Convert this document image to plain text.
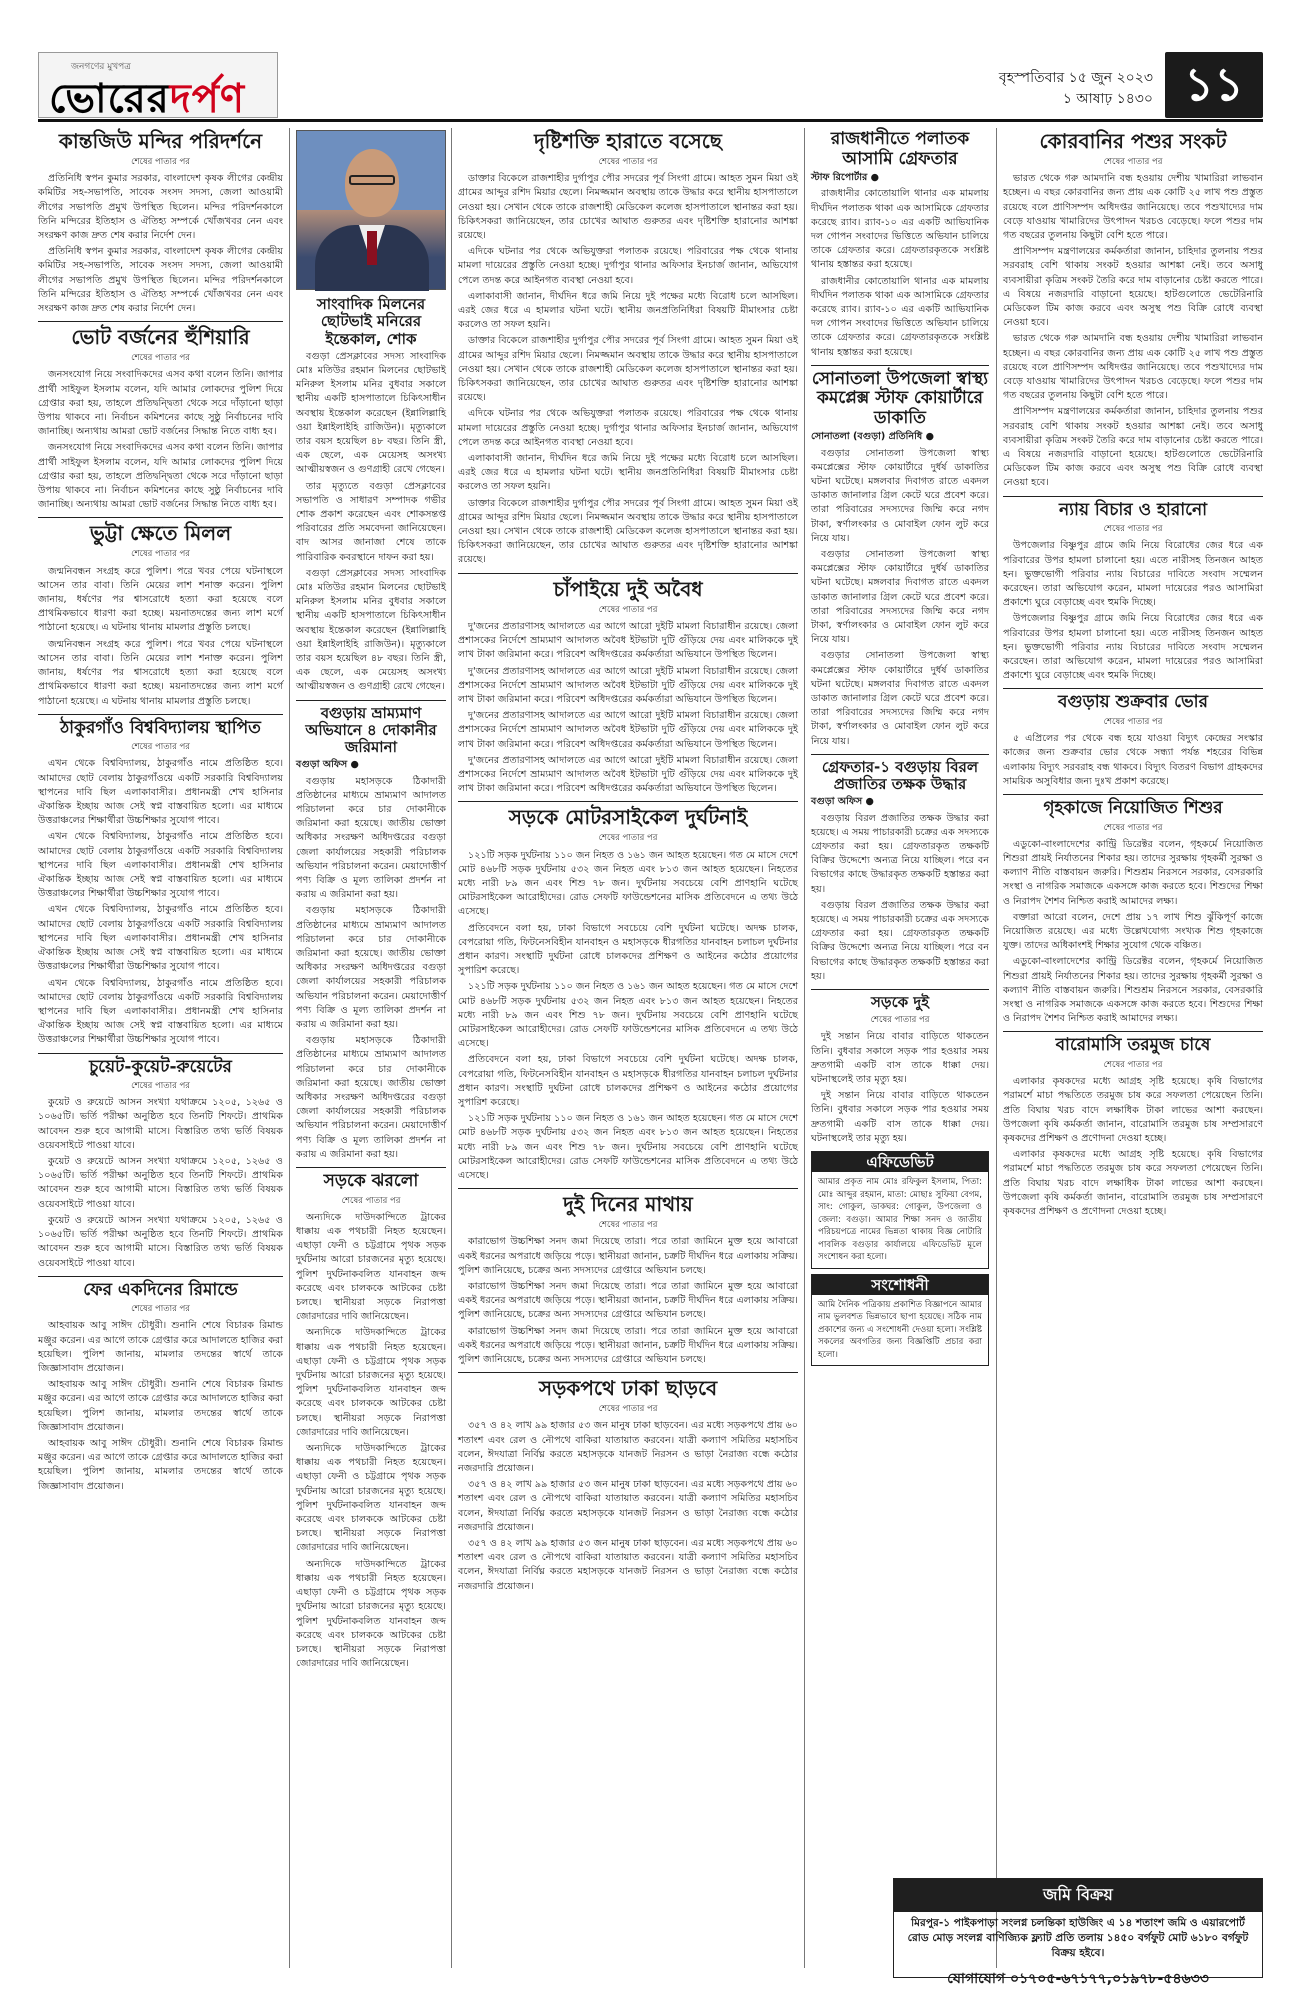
জনগণের মুখপত্র
ভোরেরদর্পণ	বৃহস্পতিবার ১৫ জুন ২০২৩
১ আষাঢ় ১৪৩০ ১১
কান্তজিউ মন্দির পরিদর্শনে
শেষের পাতার পর

প্রতিনিধি স্বপন কুমার সরকার, বাংলাদেশ কৃষক লীগের কেন্দ্রীয় কমিটির সহ-সভাপতি, সাবেক সংসদ সদস্য, জেলা আওয়ামী লীগের সভাপতি প্রমুখ উপস্থিত ছিলেন। মন্দির পরিদর্শনকালে তিনি মন্দিরের ইতিহাস ও ঐতিহ্য সম্পর্কে খোঁজখবর নেন এবং সংরক্ষণ কাজ দ্রুত শেষ করার নির্দেশ দেন।

প্রতিনিধি স্বপন কুমার সরকার, বাংলাদেশ কৃষক লীগের কেন্দ্রীয় কমিটির সহ-সভাপতি, সাবেক সংসদ সদস্য, জেলা আওয়ামী লীগের সভাপতি প্রমুখ উপস্থিত ছিলেন। মন্দির পরিদর্শনকালে তিনি মন্দিরের ইতিহাস ও ঐতিহ্য সম্পর্কে খোঁজখবর নেন এবং সংরক্ষণ কাজ দ্রুত শেষ করার নির্দেশ দেন।

ভোট বর্জনের হুঁশিয়ারি
শেষের পাতার পর

জনসংযোগ নিয়ে সংবাদিকদের এসব কথা বলেন তিনি। জাপার প্রার্থী সাইফুল ইসলাম বলেন, যদি আমার লোকদের পুলিশ দিয়ে গ্রেপ্তার করা হয়, তাহলে প্রতিদ্বন্দ্বিতা থেকে সরে দাঁড়ানো ছাড়া উপায় থাকবে না। নির্বাচন কমিশনের কাছে সুষ্ঠু নির্বাচনের দাবি জানাচ্ছি। অন্যথায় আমরা ভোট বর্জনের সিদ্ধান্ত নিতে বাধ্য হব।

জনসংযোগ নিয়ে সংবাদিকদের এসব কথা বলেন তিনি। জাপার প্রার্থী সাইফুল ইসলাম বলেন, যদি আমার লোকদের পুলিশ দিয়ে গ্রেপ্তার করা হয়, তাহলে প্রতিদ্বন্দ্বিতা থেকে সরে দাঁড়ানো ছাড়া উপায় থাকবে না। নির্বাচন কমিশনের কাছে সুষ্ঠু নির্বাচনের দাবি জানাচ্ছি। অন্যথায় আমরা ভোট বর্জনের সিদ্ধান্ত নিতে বাধ্য হব।

ভুট্টা ক্ষেতে মিলল
শেষের পাতার পর

জন্মনিবন্ধন সংগ্রহ করে পুলিশ। পরে খবর পেয়ে ঘটনাস্থলে আসেন তার বাবা। তিনি মেয়ের লাশ শনাক্ত করেন। পুলিশ জানায়, ধর্ষণের পর শ্বাসরোধে হত্যা করা হয়েছে বলে প্রাথমিকভাবে ধারণা করা হচ্ছে। ময়নাতদন্তের জন্য লাশ মর্গে পাঠানো হয়েছে। এ ঘটনায় থানায় মামলার প্রস্তুতি চলছে।

জন্মনিবন্ধন সংগ্রহ করে পুলিশ। পরে খবর পেয়ে ঘটনাস্থলে আসেন তার বাবা। তিনি মেয়ের লাশ শনাক্ত করেন। পুলিশ জানায়, ধর্ষণের পর শ্বাসরোধে হত্যা করা হয়েছে বলে প্রাথমিকভাবে ধারণা করা হচ্ছে। ময়নাতদন্তের জন্য লাশ মর্গে পাঠানো হয়েছে। এ ঘটনায় থানায় মামলার প্রস্তুতি চলছে।

ঠাকুরগাঁও বিশ্ববিদ্যালয় স্থাপিত
শেষের পাতার পর

এখন থেকে বিশ্ববিদ্যালয়, ঠাকুরগাঁও নামে প্রতিষ্ঠিত হবে। আমাদের ছোট বেলায় ঠাকুরগাঁওয়ে একটি সরকারি বিশ্ববিদ্যালয় স্থাপনের দাবি ছিল এলাকাবাসীর। প্রধানমন্ত্রী শেখ হাসিনার ঐকান্তিক ইচ্ছায় আজ সেই স্বপ্ন বাস্তবায়িত হলো। এর মাধ্যমে উত্তরাঞ্চলের শিক্ষার্থীরা উচ্চশিক্ষার সুযোগ পাবে।

এখন থেকে বিশ্ববিদ্যালয়, ঠাকুরগাঁও নামে প্রতিষ্ঠিত হবে। আমাদের ছোট বেলায় ঠাকুরগাঁওয়ে একটি সরকারি বিশ্ববিদ্যালয় স্থাপনের দাবি ছিল এলাকাবাসীর। প্রধানমন্ত্রী শেখ হাসিনার ঐকান্তিক ইচ্ছায় আজ সেই স্বপ্ন বাস্তবায়িত হলো। এর মাধ্যমে উত্তরাঞ্চলের শিক্ষার্থীরা উচ্চশিক্ষার সুযোগ পাবে।

এখন থেকে বিশ্ববিদ্যালয়, ঠাকুরগাঁও নামে প্রতিষ্ঠিত হবে। আমাদের ছোট বেলায় ঠাকুরগাঁওয়ে একটি সরকারি বিশ্ববিদ্যালয় স্থাপনের দাবি ছিল এলাকাবাসীর। প্রধানমন্ত্রী শেখ হাসিনার ঐকান্তিক ইচ্ছায় আজ সেই স্বপ্ন বাস্তবায়িত হলো। এর মাধ্যমে উত্তরাঞ্চলের শিক্ষার্থীরা উচ্চশিক্ষার সুযোগ পাবে।

এখন থেকে বিশ্ববিদ্যালয়, ঠাকুরগাঁও নামে প্রতিষ্ঠিত হবে। আমাদের ছোট বেলায় ঠাকুরগাঁওয়ে একটি সরকারি বিশ্ববিদ্যালয় স্থাপনের দাবি ছিল এলাকাবাসীর। প্রধানমন্ত্রী শেখ হাসিনার ঐকান্তিক ইচ্ছায় আজ সেই স্বপ্ন বাস্তবায়িত হলো। এর মাধ্যমে উত্তরাঞ্চলের শিক্ষার্থীরা উচ্চশিক্ষার সুযোগ পাবে।

চুয়েট-কুয়েট-রুয়েটের
শেষের পাতার পর

কুয়েট ও রুয়েটে আসন সংখ্যা যথাক্রমে ১২০৫, ১২৬৫ ও ১০৬৫টি। ভর্তি পরীক্ষা অনুষ্ঠিত হবে তিনটি শিফটে। প্রাথমিক আবেদন শুরু হবে আগামী মাসে। বিস্তারিত তথ্য ভর্তি বিষয়ক ওয়েবসাইটে পাওয়া যাবে।

কুয়েট ও রুয়েটে আসন সংখ্যা যথাক্রমে ১২০৫, ১২৬৫ ও ১০৬৫টি। ভর্তি পরীক্ষা অনুষ্ঠিত হবে তিনটি শিফটে। প্রাথমিক আবেদন শুরু হবে আগামী মাসে। বিস্তারিত তথ্য ভর্তি বিষয়ক ওয়েবসাইটে পাওয়া যাবে।

কুয়েট ও রুয়েটে আসন সংখ্যা যথাক্রমে ১২০৫, ১২৬৫ ও ১০৬৫টি। ভর্তি পরীক্ষা অনুষ্ঠিত হবে তিনটি শিফটে। প্রাথমিক আবেদন শুরু হবে আগামী মাসে। বিস্তারিত তথ্য ভর্তি বিষয়ক ওয়েবসাইটে পাওয়া যাবে।

ফের একদিনের রিমান্ডে
শেষের পাতার পর

আহবায়ক আবু সাঈদ চৌধুরী। শুনানি শেষে বিচারক রিমান্ড মঞ্জুর করেন। এর আগে তাকে গ্রেপ্তার করে আদালতে হাজির করা হয়েছিল। পুলিশ জানায়, মামলার তদন্তের স্বার্থে তাকে জিজ্ঞাসাবাদ প্রয়োজন।

আহবায়ক আবু সাঈদ চৌধুরী। শুনানি শেষে বিচারক রিমান্ড মঞ্জুর করেন। এর আগে তাকে গ্রেপ্তার করে আদালতে হাজির করা হয়েছিল। পুলিশ জানায়, মামলার তদন্তের স্বার্থে তাকে জিজ্ঞাসাবাদ প্রয়োজন।

আহবায়ক আবু সাঈদ চৌধুরী। শুনানি শেষে বিচারক রিমান্ড মঞ্জুর করেন। এর আগে তাকে গ্রেপ্তার করে আদালতে হাজির করা হয়েছিল। পুলিশ জানায়, মামলার তদন্তের স্বার্থে তাকে জিজ্ঞাসাবাদ প্রয়োজন।

সাংবাদিক মিলনের ছোটভাই মনিরের ইন্তেকাল, শোক

বগুড়া প্রেসক্লাবের সদস্য সাংবাদিক মোঃ মতিউর রহমান মিলনের ছোটভাই মনিরুল ইসলাম মনির বুধবার সকালে স্থানীয় একটি হাসপাতালে চিকিৎসাধীন অবস্থায় ইন্তেকাল করেছেন (ইন্নালিল্লাহি ওয়া ইন্নাইলাইহি রাজিউন)। মৃত্যুকালে তার বয়স হয়েছিল ৪৮ বছর। তিনি স্ত্রী, এক ছেলে, এক মেয়েসহ অসংখ্য আত্মীয়স্বজন ও গুণগ্রাহী রেখে গেছেন।

তার মৃত্যুতে বগুড়া প্রেসক্লাবের সভাপতি ও সাধারণ সম্পাদক গভীর শোক প্রকাশ করেছেন এবং শোকসন্তপ্ত পরিবারের প্রতি সমবেদনা জানিয়েছেন। বাদ আসর জানাজা শেষে তাকে পারিবারিক কবরস্থানে দাফন করা হয়।

বগুড়া প্রেসক্লাবের সদস্য সাংবাদিক মোঃ মতিউর রহমান মিলনের ছোটভাই মনিরুল ইসলাম মনির বুধবার সকালে স্থানীয় একটি হাসপাতালে চিকিৎসাধীন অবস্থায় ইন্তেকাল করেছেন (ইন্নালিল্লাহি ওয়া ইন্নাইলাইহি রাজিউন)। মৃত্যুকালে তার বয়স হয়েছিল ৪৮ বছর। তিনি স্ত্রী, এক ছেলে, এক মেয়েসহ অসংখ্য আত্মীয়স্বজন ও গুণগ্রাহী রেখে গেছেন।

বগুড়ায় ভ্রাম্যমাণ অভিযানে ৪ দোকানীর জরিমানা
বগুড়া অফিস ●

বগুড়ায় মহাসড়কে ঠিকাদারী প্রতিষ্ঠানের মাধ্যমে ভ্রাম্যমাণ আদালত পরিচালনা করে চার দোকানীকে জরিমানা করা হয়েছে। জাতীয় ভোক্তা অধিকার সংরক্ষণ অধিদপ্তরের বগুড়া জেলা কার্যালয়ের সহকারী পরিচালক অভিযান পরিচালনা করেন। মেয়াদোত্তীর্ণ পণ্য বিক্রি ও মূল্য তালিকা প্রদর্শন না করায় এ জরিমানা করা হয়।

বগুড়ায় মহাসড়কে ঠিকাদারী প্রতিষ্ঠানের মাধ্যমে ভ্রাম্যমাণ আদালত পরিচালনা করে চার দোকানীকে জরিমানা করা হয়েছে। জাতীয় ভোক্তা অধিকার সংরক্ষণ অধিদপ্তরের বগুড়া জেলা কার্যালয়ের সহকারী পরিচালক অভিযান পরিচালনা করেন। মেয়াদোত্তীর্ণ পণ্য বিক্রি ও মূল্য তালিকা প্রদর্শন না করায় এ জরিমানা করা হয়।

বগুড়ায় মহাসড়কে ঠিকাদারী প্রতিষ্ঠানের মাধ্যমে ভ্রাম্যমাণ আদালত পরিচালনা করে চার দোকানীকে জরিমানা করা হয়েছে। জাতীয় ভোক্তা অধিকার সংরক্ষণ অধিদপ্তরের বগুড়া জেলা কার্যালয়ের সহকারী পরিচালক অভিযান পরিচালনা করেন। মেয়াদোত্তীর্ণ পণ্য বিক্রি ও মূল্য তালিকা প্রদর্শন না করায় এ জরিমানা করা হয়।

সড়কে ঝরলো
শেষের পাতার পর

অন্যদিকে দাউদকান্দিতে ট্রাকের ধাক্কায় এক পথচারী নিহত হয়েছেন। এছাড়া ফেনী ও চট্টগ্রামে পৃথক সড়ক দুর্ঘটনায় আরো চারজনের মৃত্যু হয়েছে। পুলিশ দুর্ঘটনাকবলিত যানবাহন জব্দ করেছে এবং চালককে আটকের চেষ্টা চলছে। স্থানীয়রা সড়কে নিরাপত্তা জোরদারের দাবি জানিয়েছেন।

অন্যদিকে দাউদকান্দিতে ট্রাকের ধাক্কায় এক পথচারী নিহত হয়েছেন। এছাড়া ফেনী ও চট্টগ্রামে পৃথক সড়ক দুর্ঘটনায় আরো চারজনের মৃত্যু হয়েছে। পুলিশ দুর্ঘটনাকবলিত যানবাহন জব্দ করেছে এবং চালককে আটকের চেষ্টা চলছে। স্থানীয়রা সড়কে নিরাপত্তা জোরদারের দাবি জানিয়েছেন।

অন্যদিকে দাউদকান্দিতে ট্রাকের ধাক্কায় এক পথচারী নিহত হয়েছেন। এছাড়া ফেনী ও চট্টগ্রামে পৃথক সড়ক দুর্ঘটনায় আরো চারজনের মৃত্যু হয়েছে। পুলিশ দুর্ঘটনাকবলিত যানবাহন জব্দ করেছে এবং চালককে আটকের চেষ্টা চলছে। স্থানীয়রা সড়কে নিরাপত্তা জোরদারের দাবি জানিয়েছেন।

অন্যদিকে দাউদকান্দিতে ট্রাকের ধাক্কায় এক পথচারী নিহত হয়েছেন। এছাড়া ফেনী ও চট্টগ্রামে পৃথক সড়ক দুর্ঘটনায় আরো চারজনের মৃত্যু হয়েছে। পুলিশ দুর্ঘটনাকবলিত যানবাহন জব্দ করেছে এবং চালককে আটকের চেষ্টা চলছে। স্থানীয়রা সড়কে নিরাপত্তা জোরদারের দাবি জানিয়েছেন।

দৃষ্টিশক্তি হারাতে বসেছে
শেষের পাতার পর

ডাক্তার বিকেলে রাজশাহীর দুর্গাপুর পৌর সদরের পূর্ব সিংগা গ্রামে। আহত সুমন মিয়া ওই গ্রামের আব্দুর রশিদ মিয়ার ছেলে। নিমজ্জমান অবস্থায় তাকে উদ্ধার করে স্থানীয় হাসপাতালে নেওয়া হয়। সেখান থেকে তাকে রাজশাহী মেডিকেল কলেজ হাসপাতালে স্থানান্তর করা হয়। চিকিৎসকরা জানিয়েছেন, তার চোখের আঘাত গুরুতর এবং দৃষ্টিশক্তি হারানোর আশঙ্কা রয়েছে।

এদিকে ঘটনার পর থেকে অভিযুক্তরা পলাতক রয়েছে। পরিবারের পক্ষ থেকে থানায় মামলা দায়েরের প্রস্তুতি নেওয়া হচ্ছে। দুর্গাপুর থানার অফিসার ইনচার্জ জানান, অভিযোগ পেলে তদন্ত করে আইনগত ব্যবস্থা নেওয়া হবে।

এলাকাবাসী জানান, দীর্ঘদিন ধরে জমি নিয়ে দুই পক্ষের মধ্যে বিরোধ চলে আসছিল। এরই জের ধরে এ হামলার ঘটনা ঘটে। স্থানীয় জনপ্রতিনিধিরা বিষয়টি মীমাংসার চেষ্টা করলেও তা সফল হয়নি।

ডাক্তার বিকেলে রাজশাহীর দুর্গাপুর পৌর সদরের পূর্ব সিংগা গ্রামে। আহত সুমন মিয়া ওই গ্রামের আব্দুর রশিদ মিয়ার ছেলে। নিমজ্জমান অবস্থায় তাকে উদ্ধার করে স্থানীয় হাসপাতালে নেওয়া হয়। সেখান থেকে তাকে রাজশাহী মেডিকেল কলেজ হাসপাতালে স্থানান্তর করা হয়। চিকিৎসকরা জানিয়েছেন, তার চোখের আঘাত গুরুতর এবং দৃষ্টিশক্তি হারানোর আশঙ্কা রয়েছে।

এদিকে ঘটনার পর থেকে অভিযুক্তরা পলাতক রয়েছে। পরিবারের পক্ষ থেকে থানায় মামলা দায়েরের প্রস্তুতি নেওয়া হচ্ছে। দুর্গাপুর থানার অফিসার ইনচার্জ জানান, অভিযোগ পেলে তদন্ত করে আইনগত ব্যবস্থা নেওয়া হবে।

এলাকাবাসী জানান, দীর্ঘদিন ধরে জমি নিয়ে দুই পক্ষের মধ্যে বিরোধ চলে আসছিল। এরই জের ধরে এ হামলার ঘটনা ঘটে। স্থানীয় জনপ্রতিনিধিরা বিষয়টি মীমাংসার চেষ্টা করলেও তা সফল হয়নি।

ডাক্তার বিকেলে রাজশাহীর দুর্গাপুর পৌর সদরের পূর্ব সিংগা গ্রামে। আহত সুমন মিয়া ওই গ্রামের আব্দুর রশিদ মিয়ার ছেলে। নিমজ্জমান অবস্থায় তাকে উদ্ধার করে স্থানীয় হাসপাতালে নেওয়া হয়। সেখান থেকে তাকে রাজশাহী মেডিকেল কলেজ হাসপাতালে স্থানান্তর করা হয়। চিকিৎসকরা জানিয়েছেন, তার চোখের আঘাত গুরুতর এবং দৃষ্টিশক্তি হারানোর আশঙ্কা রয়েছে।

চাঁপাইয়ে দুই অবৈধ
শেষের পাতার পর

দু'জনের প্রতারণাসহ আদালতে এর আগে আরো দুইটি মামলা বিচারাধীন রয়েছে। জেলা প্রশাসকের নির্দেশে ভ্রাম্যমাণ আদালত অবৈধ ইটভাটা দুটি গুঁড়িয়ে দেয় এবং মালিককে দুই লাখ টাকা জরিমানা করে। পরিবেশ অধিদপ্তরের কর্মকর্তারা অভিযানে উপস্থিত ছিলেন।

দু'জনের প্রতারণাসহ আদালতে এর আগে আরো দুইটি মামলা বিচারাধীন রয়েছে। জেলা প্রশাসকের নির্দেশে ভ্রাম্যমাণ আদালত অবৈধ ইটভাটা দুটি গুঁড়িয়ে দেয় এবং মালিককে দুই লাখ টাকা জরিমানা করে। পরিবেশ অধিদপ্তরের কর্মকর্তারা অভিযানে উপস্থিত ছিলেন।

দু'জনের প্রতারণাসহ আদালতে এর আগে আরো দুইটি মামলা বিচারাধীন রয়েছে। জেলা প্রশাসকের নির্দেশে ভ্রাম্যমাণ আদালত অবৈধ ইটভাটা দুটি গুঁড়িয়ে দেয় এবং মালিককে দুই লাখ টাকা জরিমানা করে। পরিবেশ অধিদপ্তরের কর্মকর্তারা অভিযানে উপস্থিত ছিলেন।

দু'জনের প্রতারণাসহ আদালতে এর আগে আরো দুইটি মামলা বিচারাধীন রয়েছে। জেলা প্রশাসকের নির্দেশে ভ্রাম্যমাণ আদালত অবৈধ ইটভাটা দুটি গুঁড়িয়ে দেয় এবং মালিককে দুই লাখ টাকা জরিমানা করে। পরিবেশ অধিদপ্তরের কর্মকর্তারা অভিযানে উপস্থিত ছিলেন।

সড়কে মোটরসাইকেল দুর্ঘটনাই
শেষের পাতার পর

১২১টি সড়ক দুর্ঘটনায় ১১০ জন নিহত ও ১৬১ জন আহত হয়েছেন। গত মে মাসে দেশে মোট ৪৬৮টি সড়ক দুর্ঘটনায় ৫৩২ জন নিহত এবং ৮১৩ জন আহত হয়েছেন। নিহতের মধ্যে নারী ৮৯ জন এবং শিশু ৭৮ জন। দুর্ঘটনায় সবচেয়ে বেশি প্রাণহানি ঘটেছে মোটরসাইকেল আরোহীদের। রোড সেফটি ফাউন্ডেশনের মাসিক প্রতিবেদনে এ তথ্য উঠে এসেছে।

প্রতিবেদনে বলা হয়, ঢাকা বিভাগে সবচেয়ে বেশি দুর্ঘটনা ঘটেছে। অদক্ষ চালক, বেপরোয়া গতি, ফিটনেসবিহীন যানবাহন ও মহাসড়কে ধীরগতির যানবাহন চলাচল দুর্ঘটনার প্রধান কারণ। সংস্থাটি দুর্ঘটনা রোধে চালকদের প্রশিক্ষণ ও আইনের কঠোর প্রয়োগের সুপারিশ করেছে।

১২১টি সড়ক দুর্ঘটনায় ১১০ জন নিহত ও ১৬১ জন আহত হয়েছেন। গত মে মাসে দেশে মোট ৪৬৮টি সড়ক দুর্ঘটনায় ৫৩২ জন নিহত এবং ৮১৩ জন আহত হয়েছেন। নিহতের মধ্যে নারী ৮৯ জন এবং শিশু ৭৮ জন। দুর্ঘটনায় সবচেয়ে বেশি প্রাণহানি ঘটেছে মোটরসাইকেল আরোহীদের। রোড সেফটি ফাউন্ডেশনের মাসিক প্রতিবেদনে এ তথ্য উঠে এসেছে।

প্রতিবেদনে বলা হয়, ঢাকা বিভাগে সবচেয়ে বেশি দুর্ঘটনা ঘটেছে। অদক্ষ চালক, বেপরোয়া গতি, ফিটনেসবিহীন যানবাহন ও মহাসড়কে ধীরগতির যানবাহন চলাচল দুর্ঘটনার প্রধান কারণ। সংস্থাটি দুর্ঘটনা রোধে চালকদের প্রশিক্ষণ ও আইনের কঠোর প্রয়োগের সুপারিশ করেছে।

১২১টি সড়ক দুর্ঘটনায় ১১০ জন নিহত ও ১৬১ জন আহত হয়েছেন। গত মে মাসে দেশে মোট ৪৬৮টি সড়ক দুর্ঘটনায় ৫৩২ জন নিহত এবং ৮১৩ জন আহত হয়েছেন। নিহতের মধ্যে নারী ৮৯ জন এবং শিশু ৭৮ জন। দুর্ঘটনায় সবচেয়ে বেশি প্রাণহানি ঘটেছে মোটরসাইকেল আরোহীদের। রোড সেফটি ফাউন্ডেশনের মাসিক প্রতিবেদনে এ তথ্য উঠে এসেছে।

দুই দিনের মাথায়
শেষের পাতার পর

কারাভোগ উচ্চশিক্ষা সনদ জমা দিয়েছে তারা। পরে তারা জামিনে মুক্ত হয়ে আবারো একই ধরনের অপরাধে জড়িয়ে পড়ে। স্থানীয়রা জানান, চক্রটি দীর্ঘদিন ধরে এলাকায় সক্রিয়। পুলিশ জানিয়েছে, চক্রের অন্য সদস্যদের গ্রেপ্তারে অভিযান চলছে।

কারাভোগ উচ্চশিক্ষা সনদ জমা দিয়েছে তারা। পরে তারা জামিনে মুক্ত হয়ে আবারো একই ধরনের অপরাধে জড়িয়ে পড়ে। স্থানীয়রা জানান, চক্রটি দীর্ঘদিন ধরে এলাকায় সক্রিয়। পুলিশ জানিয়েছে, চক্রের অন্য সদস্যদের গ্রেপ্তারে অভিযান চলছে।

কারাভোগ উচ্চশিক্ষা সনদ জমা দিয়েছে তারা। পরে তারা জামিনে মুক্ত হয়ে আবারো একই ধরনের অপরাধে জড়িয়ে পড়ে। স্থানীয়রা জানান, চক্রটি দীর্ঘদিন ধরে এলাকায় সক্রিয়। পুলিশ জানিয়েছে, চক্রের অন্য সদস্যদের গ্রেপ্তারে অভিযান চলছে।

সড়কপথে ঢাকা ছাড়বে
শেষের পাতার পর

৩৫৭ ও ৪২ লাখ ৯৯ হাজার ৫৩ জন মানুষ ঢাকা ছাড়বেন। এর মধ্যে সড়কপথে প্রায় ৬০ শতাংশ এবং রেল ও নৌপথে বাকিরা যাতায়াত করবেন। যাত্রী কল্যাণ সমিতির মহাসচিব বলেন, ঈদযাত্রা নির্বিঘ্ন করতে মহাসড়কে যানজট নিরসন ও ভাড়া নৈরাজ্য বন্ধে কঠোর নজরদারি প্রয়োজন।

৩৫৭ ও ৪২ লাখ ৯৯ হাজার ৫৩ জন মানুষ ঢাকা ছাড়বেন। এর মধ্যে সড়কপথে প্রায় ৬০ শতাংশ এবং রেল ও নৌপথে বাকিরা যাতায়াত করবেন। যাত্রী কল্যাণ সমিতির মহাসচিব বলেন, ঈদযাত্রা নির্বিঘ্ন করতে মহাসড়কে যানজট নিরসন ও ভাড়া নৈরাজ্য বন্ধে কঠোর নজরদারি প্রয়োজন।

৩৫৭ ও ৪২ লাখ ৯৯ হাজার ৫৩ জন মানুষ ঢাকা ছাড়বেন। এর মধ্যে সড়কপথে প্রায় ৬০ শতাংশ এবং রেল ও নৌপথে বাকিরা যাতায়াত করবেন। যাত্রী কল্যাণ সমিতির মহাসচিব বলেন, ঈদযাত্রা নির্বিঘ্ন করতে মহাসড়কে যানজট নিরসন ও ভাড়া নৈরাজ্য বন্ধে কঠোর নজরদারি প্রয়োজন।

রাজধানীতে পলাতক আসামি গ্রেফতার
স্টাফ রিপোর্টার ●

রাজধানীর কোতোয়ালি থানার এক মামলায় দীর্ঘদিন পলাতক থাকা এক আসামিকে গ্রেফতার করেছে র‌্যাব। র‌্যাব-১০ এর একটি আভিযানিক দল গোপন সংবাদের ভিত্তিতে অভিযান চালিয়ে তাকে গ্রেফতার করে। গ্রেফতারকৃতকে সংশ্লিষ্ট থানায় হস্তান্তর করা হয়েছে।

রাজধানীর কোতোয়ালি থানার এক মামলায় দীর্ঘদিন পলাতক থাকা এক আসামিকে গ্রেফতার করেছে র‌্যাব। র‌্যাব-১০ এর একটি আভিযানিক দল গোপন সংবাদের ভিত্তিতে অভিযান চালিয়ে তাকে গ্রেফতার করে। গ্রেফতারকৃতকে সংশ্লিষ্ট থানায় হস্তান্তর করা হয়েছে।

সোনাতলা উপজেলা স্বাস্থ্য কমপ্লেক্স স্টাফ কোয়ার্টারে ডাকাতি
সোনাতলা (বগুড়া) প্রতিনিধি ●

বগুড়ার সোনাতলা উপজেলা স্বাস্থ্য কমপ্লেক্সের স্টাফ কোয়ার্টারে দুর্ধর্ষ ডাকাতির ঘটনা ঘটেছে। মঙ্গলবার দিবাগত রাতে একদল ডাকাত জানালার গ্রিল কেটে ঘরে প্রবেশ করে। তারা পরিবারের সদস্যদের জিম্মি করে নগদ টাকা, স্বর্ণালংকার ও মোবাইল ফোন লুট করে নিয়ে যায়।

বগুড়ার সোনাতলা উপজেলা স্বাস্থ্য কমপ্লেক্সের স্টাফ কোয়ার্টারে দুর্ধর্ষ ডাকাতির ঘটনা ঘটেছে। মঙ্গলবার দিবাগত রাতে একদল ডাকাত জানালার গ্রিল কেটে ঘরে প্রবেশ করে। তারা পরিবারের সদস্যদের জিম্মি করে নগদ টাকা, স্বর্ণালংকার ও মোবাইল ফোন লুট করে নিয়ে যায়।

বগুড়ার সোনাতলা উপজেলা স্বাস্থ্য কমপ্লেক্সের স্টাফ কোয়ার্টারে দুর্ধর্ষ ডাকাতির ঘটনা ঘটেছে। মঙ্গলবার দিবাগত রাতে একদল ডাকাত জানালার গ্রিল কেটে ঘরে প্রবেশ করে। তারা পরিবারের সদস্যদের জিম্মি করে নগদ টাকা, স্বর্ণালংকার ও মোবাইল ফোন লুট করে নিয়ে যায়।

গ্রেফতার-১ বগুড়ায় বিরল প্রজাতির তক্ষক উদ্ধার
বগুড়া অফিস ●

বগুড়ায় বিরল প্রজাতির তক্ষক উদ্ধার করা হয়েছে। এ সময় পাচারকারী চক্রের এক সদস্যকে গ্রেফতার করা হয়। গ্রেফতারকৃত তক্ষকটি বিক্রির উদ্দেশ্যে অন্যত্র নিয়ে যাচ্ছিল। পরে বন বিভাগের কাছে উদ্ধারকৃত তক্ষকটি হস্তান্তর করা হয়।

বগুড়ায় বিরল প্রজাতির তক্ষক উদ্ধার করা হয়েছে। এ সময় পাচারকারী চক্রের এক সদস্যকে গ্রেফতার করা হয়। গ্রেফতারকৃত তক্ষকটি বিক্রির উদ্দেশ্যে অন্যত্র নিয়ে যাচ্ছিল। পরে বন বিভাগের কাছে উদ্ধারকৃত তক্ষকটি হস্তান্তর করা হয়।

সড়কে দুই
শেষের পাতার পর

দুই সন্তান নিয়ে বাবার বাড়িতে থাকতেন তিনি। বুধবার সকালে সড়ক পার হওয়ার সময় দ্রুতগামী একটি বাস তাকে ধাক্কা দেয়। ঘটনাস্থলেই তার মৃত্যু হয়।

দুই সন্তান নিয়ে বাবার বাড়িতে থাকতেন তিনি। বুধবার সকালে সড়ক পার হওয়ার সময় দ্রুতগামী একটি বাস তাকে ধাক্কা দেয়। ঘটনাস্থলেই তার মৃত্যু হয়।

এফিডেভিট
আমার প্রকৃত নাম মোঃ রফিকুল ইসলাম, পিতা: মোঃ আব্দুর রহমান, মাতা: মোছাঃ সুফিয়া বেগম, সাং: গোকুল, ডাকঘর: গোকুল, উপজেলা ও জেলা: বগুড়া। আমার শিক্ষা সনদ ও জাতীয় পরিচয়পত্রে নামের ভিন্নতা থাকায় বিজ্ঞ নোটারি পাবলিক বগুড়ার কার্যালয়ে এফিডেভিট মূলে সংশোধন করা হলো।
সংশোধনী
আমি দৈনিক পত্রিকায় প্রকাশিত বিজ্ঞাপনে আমার নাম ভুলবশত ভিন্নভাবে ছাপা হয়েছে। সঠিক নাম প্রকাশের জন্য এ সংশোধনী দেওয়া হলো। সংশ্লিষ্ট সকলের অবগতির জন্য বিজ্ঞপ্তিটি প্রচার করা হলো।
কোরবানির পশুর সংকট
শেষের পাতার পর

ভারত থেকে গরু আমদানি বন্ধ হওয়ায় দেশীয় খামারিরা লাভবান হচ্ছেন। এ বছর কোরবানির জন্য প্রায় এক কোটি ২৫ লাখ পশু প্রস্তুত রয়েছে বলে প্রাণিসম্পদ অধিদপ্তর জানিয়েছে। তবে পশুখাদ্যের দাম বেড়ে যাওয়ায় খামারিদের উৎপাদন খরচও বেড়েছে। ফলে পশুর দাম গত বছরের তুলনায় কিছুটা বেশি হতে পারে।

প্রাণিসম্পদ মন্ত্রণালয়ের কর্মকর্তারা জানান, চাহিদার তুলনায় পশুর সরবরাহ বেশি থাকায় সংকট হওয়ার আশঙ্কা নেই। তবে অসাধু ব্যবসায়ীরা কৃত্রিম সংকট তৈরি করে দাম বাড়ানোর চেষ্টা করতে পারে। এ বিষয়ে নজরদারি বাড়ানো হয়েছে। হাটগুলোতে ভেটেরিনারি মেডিকেল টিম কাজ করবে এবং অসুস্থ পশু বিক্রি রোধে ব্যবস্থা নেওয়া হবে।

ভারত থেকে গরু আমদানি বন্ধ হওয়ায় দেশীয় খামারিরা লাভবান হচ্ছেন। এ বছর কোরবানির জন্য প্রায় এক কোটি ২৫ লাখ পশু প্রস্তুত রয়েছে বলে প্রাণিসম্পদ অধিদপ্তর জানিয়েছে। তবে পশুখাদ্যের দাম বেড়ে যাওয়ায় খামারিদের উৎপাদন খরচও বেড়েছে। ফলে পশুর দাম গত বছরের তুলনায় কিছুটা বেশি হতে পারে।

প্রাণিসম্পদ মন্ত্রণালয়ের কর্মকর্তারা জানান, চাহিদার তুলনায় পশুর সরবরাহ বেশি থাকায় সংকট হওয়ার আশঙ্কা নেই। তবে অসাধু ব্যবসায়ীরা কৃত্রিম সংকট তৈরি করে দাম বাড়ানোর চেষ্টা করতে পারে। এ বিষয়ে নজরদারি বাড়ানো হয়েছে। হাটগুলোতে ভেটেরিনারি মেডিকেল টিম কাজ করবে এবং অসুস্থ পশু বিক্রি রোধে ব্যবস্থা নেওয়া হবে।

ন্যায় বিচার ও হারানো
শেষের পাতার পর

উপজেলার বিষ্ণুপুর গ্রামে জমি নিয়ে বিরোধের জের ধরে এক পরিবারের উপর হামলা চালানো হয়। এতে নারীসহ তিনজন আহত হন। ভুক্তভোগী পরিবার ন্যায় বিচারের দাবিতে সংবাদ সম্মেলন করেছেন। তারা অভিযোগ করেন, মামলা দায়েরের পরও আসামিরা প্রকাশ্যে ঘুরে বেড়াচ্ছে এবং হুমকি দিচ্ছে।

উপজেলার বিষ্ণুপুর গ্রামে জমি নিয়ে বিরোধের জের ধরে এক পরিবারের উপর হামলা চালানো হয়। এতে নারীসহ তিনজন আহত হন। ভুক্তভোগী পরিবার ন্যায় বিচারের দাবিতে সংবাদ সম্মেলন করেছেন। তারা অভিযোগ করেন, মামলা দায়েরের পরও আসামিরা প্রকাশ্যে ঘুরে বেড়াচ্ছে এবং হুমকি দিচ্ছে।

বগুড়ায় শুক্রবার ভোর
শেষের পাতার পর

৫ এপ্রিলের পর থেকে বন্ধ হয়ে যাওয়া বিদ্যুৎ কেন্দ্রের সংস্কার কাজের জন্য শুক্রবার ভোর থেকে সন্ধ্যা পর্যন্ত শহরের বিভিন্ন এলাকায় বিদ্যুৎ সরবরাহ বন্ধ থাকবে। বিদ্যুৎ বিতরণ বিভাগ গ্রাহকদের সাময়িক অসুবিধার জন্য দুঃখ প্রকাশ করেছে।

গৃহকাজে নিয়োজিত শিশুর
শেষের পাতার পর

এডুকো-বাংলাদেশের কান্ট্রি ডিরেক্টর বলেন, গৃহকর্মে নিয়োজিত শিশুরা প্রায়ই নির্যাতনের শিকার হয়। তাদের সুরক্ষায় গৃহকর্মী সুরক্ষা ও কল্যাণ নীতি বাস্তবায়ন জরুরি। শিশুশ্রম নিরসনে সরকার, বেসরকারি সংস্থা ও নাগরিক সমাজকে একসঙ্গে কাজ করতে হবে। শিশুদের শিক্ষা ও নিরাপদ শৈশব নিশ্চিত করাই আমাদের লক্ষ্য।

বক্তারা আরো বলেন, দেশে প্রায় ১৭ লাখ শিশু ঝুঁকিপূর্ণ কাজে নিয়োজিত রয়েছে। এর মধ্যে উল্লেখযোগ্য সংখ্যক শিশু গৃহকাজে যুক্ত। তাদের অধিকাংশই শিক্ষার সুযোগ থেকে বঞ্চিত।

এডুকো-বাংলাদেশের কান্ট্রি ডিরেক্টর বলেন, গৃহকর্মে নিয়োজিত শিশুরা প্রায়ই নির্যাতনের শিকার হয়। তাদের সুরক্ষায় গৃহকর্মী সুরক্ষা ও কল্যাণ নীতি বাস্তবায়ন জরুরি। শিশুশ্রম নিরসনে সরকার, বেসরকারি সংস্থা ও নাগরিক সমাজকে একসঙ্গে কাজ করতে হবে। শিশুদের শিক্ষা ও নিরাপদ শৈশব নিশ্চিত করাই আমাদের লক্ষ্য।

বারোমাসি তরমুজ চাষে
শেষের পাতার পর

এলাকার কৃষকদের মধ্যে আগ্রহ সৃষ্টি হয়েছে। কৃষি বিভাগের পরামর্শে মাচা পদ্ধতিতে তরমুজ চাষ করে সফলতা পেয়েছেন তিনি। প্রতি বিঘায় খরচ বাদে লক্ষাধিক টাকা লাভের আশা করছেন। উপজেলা কৃষি কর্মকর্তা জানান, বারোমাসি তরমুজ চাষ সম্প্রসারণে কৃষকদের প্রশিক্ষণ ও প্রণোদনা দেওয়া হচ্ছে।

এলাকার কৃষকদের মধ্যে আগ্রহ সৃষ্টি হয়েছে। কৃষি বিভাগের পরামর্শে মাচা পদ্ধতিতে তরমুজ চাষ করে সফলতা পেয়েছেন তিনি। প্রতি বিঘায় খরচ বাদে লক্ষাধিক টাকা লাভের আশা করছেন। উপজেলা কৃষি কর্মকর্তা জানান, বারোমাসি তরমুজ চাষ সম্প্রসারণে কৃষকদের প্রশিক্ষণ ও প্রণোদনা দেওয়া হচ্ছে।

জমি বিক্রয়
মিরপুর-১ পাইকপাড়া সংলগ্ন চলন্তিকা হাউজিং এ ১৪ শতাংশ জমি ও এয়ারপোর্ট রোড মোড় সংলগ্ন বাণিজ্যিক ফ্ল্যাট প্রতি তলায় ১৪৫০ বর্গফুট মোট ৬১৮০ বর্গফুট বিক্রয় হইবে।
যোগাযোগ ০১৭০৫-৬৭১৭৭,০১৯৭৮-৫৪৬৩৩
